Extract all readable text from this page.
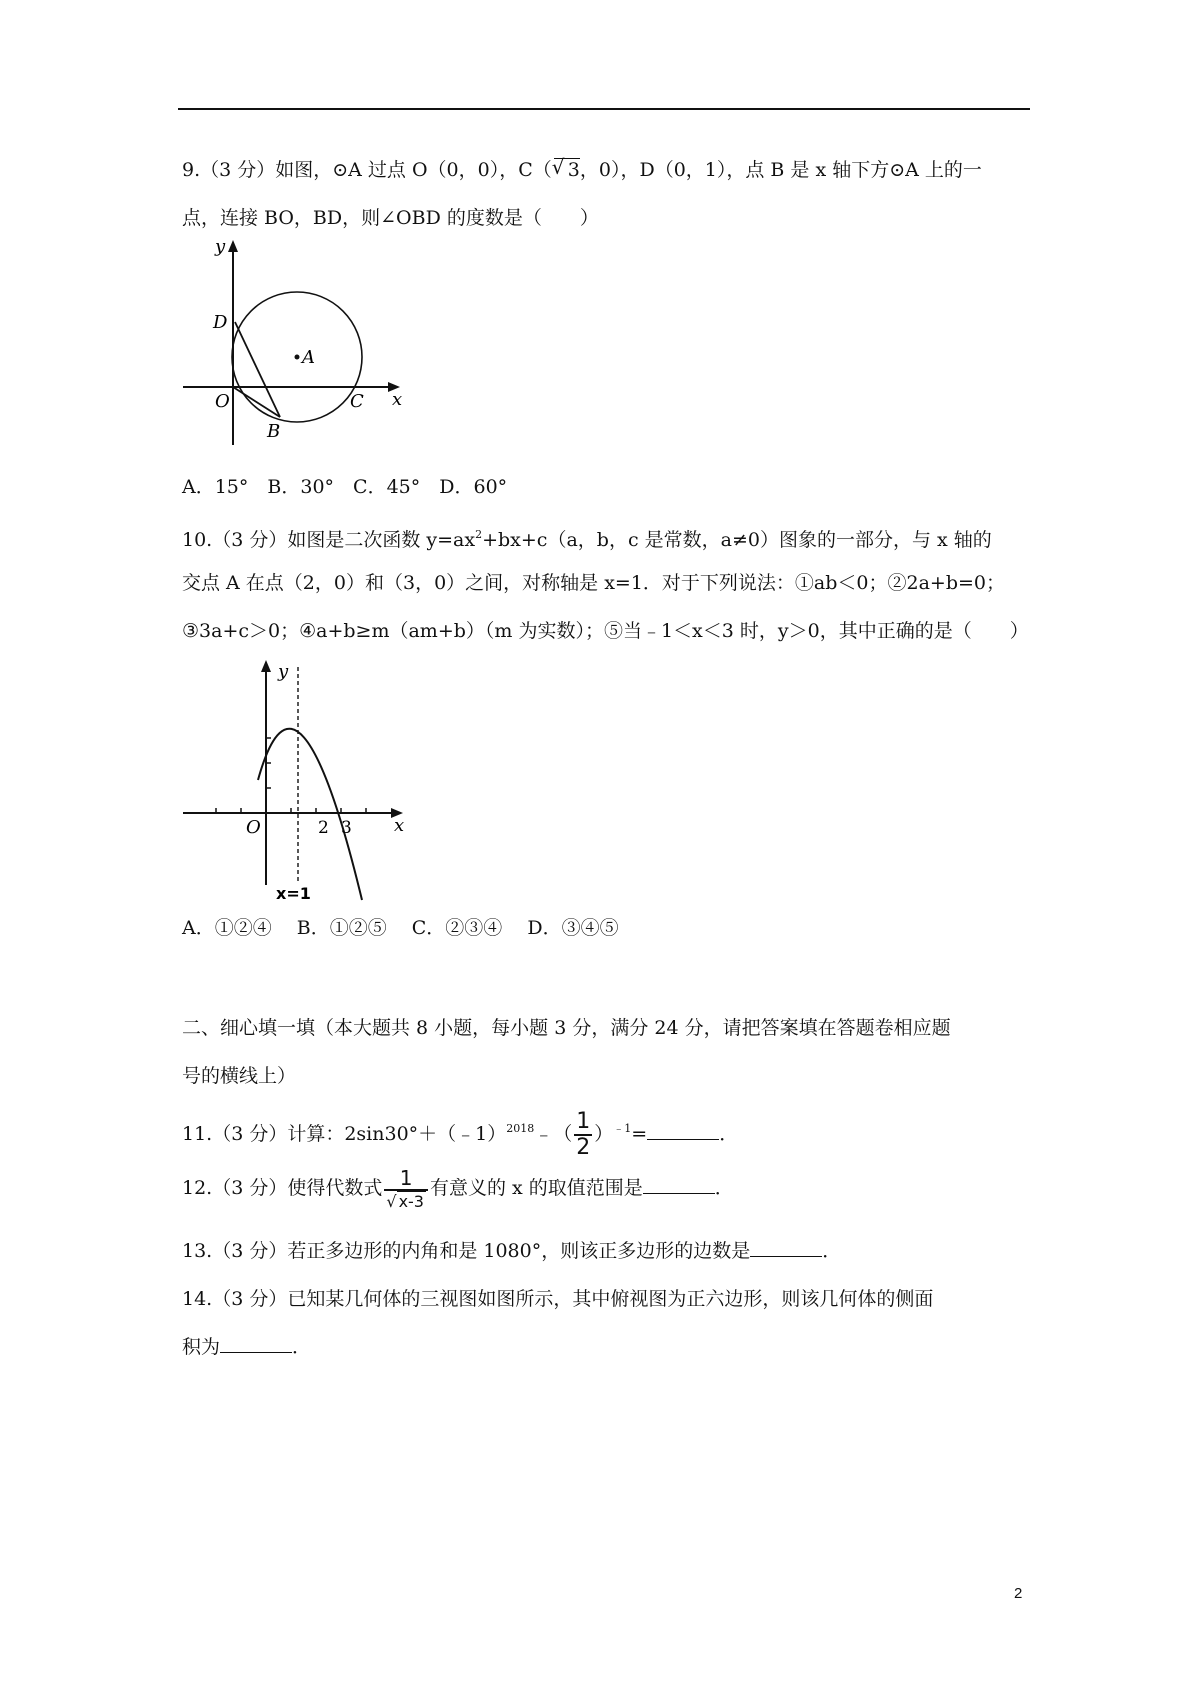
9.（3 分）如图，⊙A 过点 O（0，0），C（√ 3，0），D（0，1），点 B 是 x 轴下方⊙A 上的一
点，连接 BO，BD，则∠OBD 的度数是（　　）
y
D
A
O	C x
B
A．15°　B．30°　C．45°　D．60°
10.（3 分）如图是二次函数 $y=ax^2+bx+c(a$，b，c 是常数，a≠0）图象的一部分，与 x 轴的
交点 A 在点（2，0）和（3，0）之间，对称轴是 x=1．对于下列说法：①ab＜0；②2a+b=0；
③3a+c＞0；④a+b≥m（am+b）（m 为实数）；⑤当﹣1＜x＜3 时，y＞0，其中正确的是（　　）
y
O	2 3 x
x=1
A．①②④　 B．①②⑤　 C．②③④　 D．③④⑤
二、细心填一填（本大题共 8 小题，每小题 3 分，满分 24 分，请把答案填在答题卷相应题
号的横线上）
11.（3 分）计算：2sin30°＋（﹣1）$^{2018}$﹣（ $\frac{1}{2} )^{﹣1}=$	．
12.（3 分）使得代数式 $\frac{1}{√ x-3}$ 有意义的 x 的取值范围是	．
13.（3 分）若正多边形的内角和是 1080°，则该正多边形的边数是	．
14.（3 分）已知某几何体的三视图如图所示，其中俯视图为正六边形，则该几何体的侧面
积为	．
2
